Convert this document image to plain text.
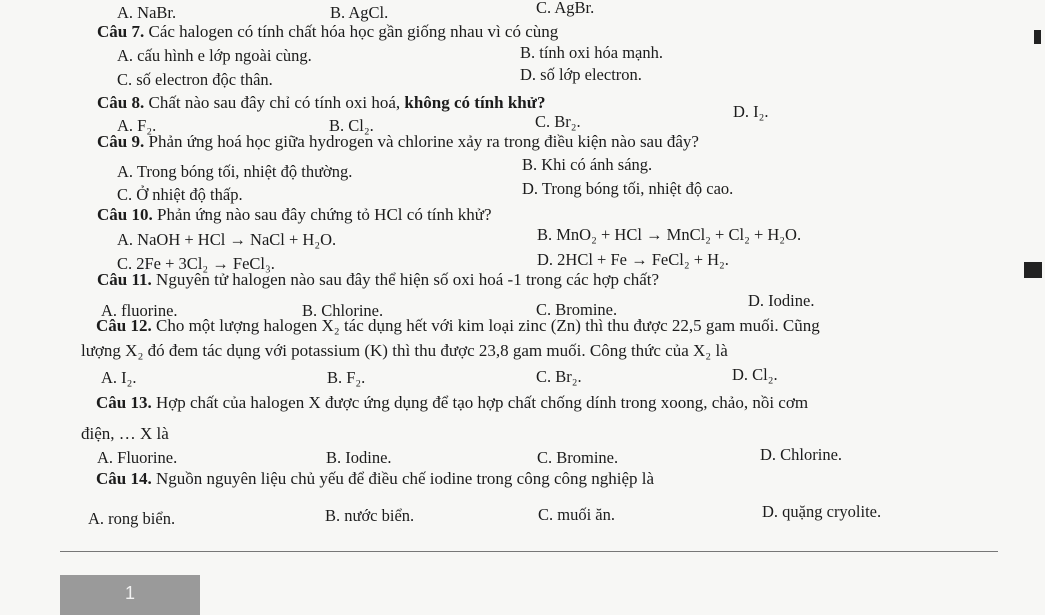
A. NaBr.	B. AgCl.	C. AgBr.
Câu 7. Các halogen có tính chất hóa học gần giống nhau vì có cùng
A. cấu hình e lớp ngoài cùng.	B. tính oxi hóa mạnh.
C. số electron độc thân.	D. số lớp electron.
Câu 8. Chất nào sau đây chỉ có tính oxi hoá, không có tính khử?
A. F₂.	B. Cl₂.	C. Br₂.
D. I₂.
Câu 9. Phản ứng hoá học giữa hydrogen và chlorine xảy ra trong điều kiện nào sau đây?
A. Trong bóng tối, nhiệt độ thường.	B. Khi có ánh sáng.
C. Ở nhiệt độ thấp.	D. Trong bóng tối, nhiệt độ cao.
Câu 10. Phản ứng nào sau đây chứng tỏ HCl có tính khử?
A. NaOH + HCl → NaCl + H₂O.	B. MnO₂ + HCl → MnCl₂ + Cl₂ + H₂O.
C. 2Fe + 3Cl₂ → FeCl₃.	D. 2HCl + Fe → FeCl₂ + H₂.
Câu 11. Nguyên tử halogen nào sau đây thể hiện số oxi hoá -1 trong các hợp chất?
A. fluorine.	B. Chlorine.	C. Bromine.	D. Iodine.
Câu 12. Cho một lượng halogen X₂ tác dụng hết với kim loại zinc (Zn) thì thu được 22,5 gam muối. Cũng
lượng X₂ đó đem tác dụng với potassium (K) thì thu được 23,8 gam muối. Công thức của X₂ là
A. I₂.	B. F₂.	C. Br₂.	D. Cl₂.
Câu 13. Hợp chất của halogen X được ứng dụng để tạo hợp chất chống dính trong xoong, chảo, nồi cơm
điện, … X là
A. Fluorine.	B. Iodine.	C. Bromine.	D. Chlorine.
Câu 14. Nguồn nguyên liệu chủ yếu để điều chế iodine trong công công nghiệp là
A. rong biển.	B. nước biển.	C. muối ăn.	D. quặng cryolite.
1
